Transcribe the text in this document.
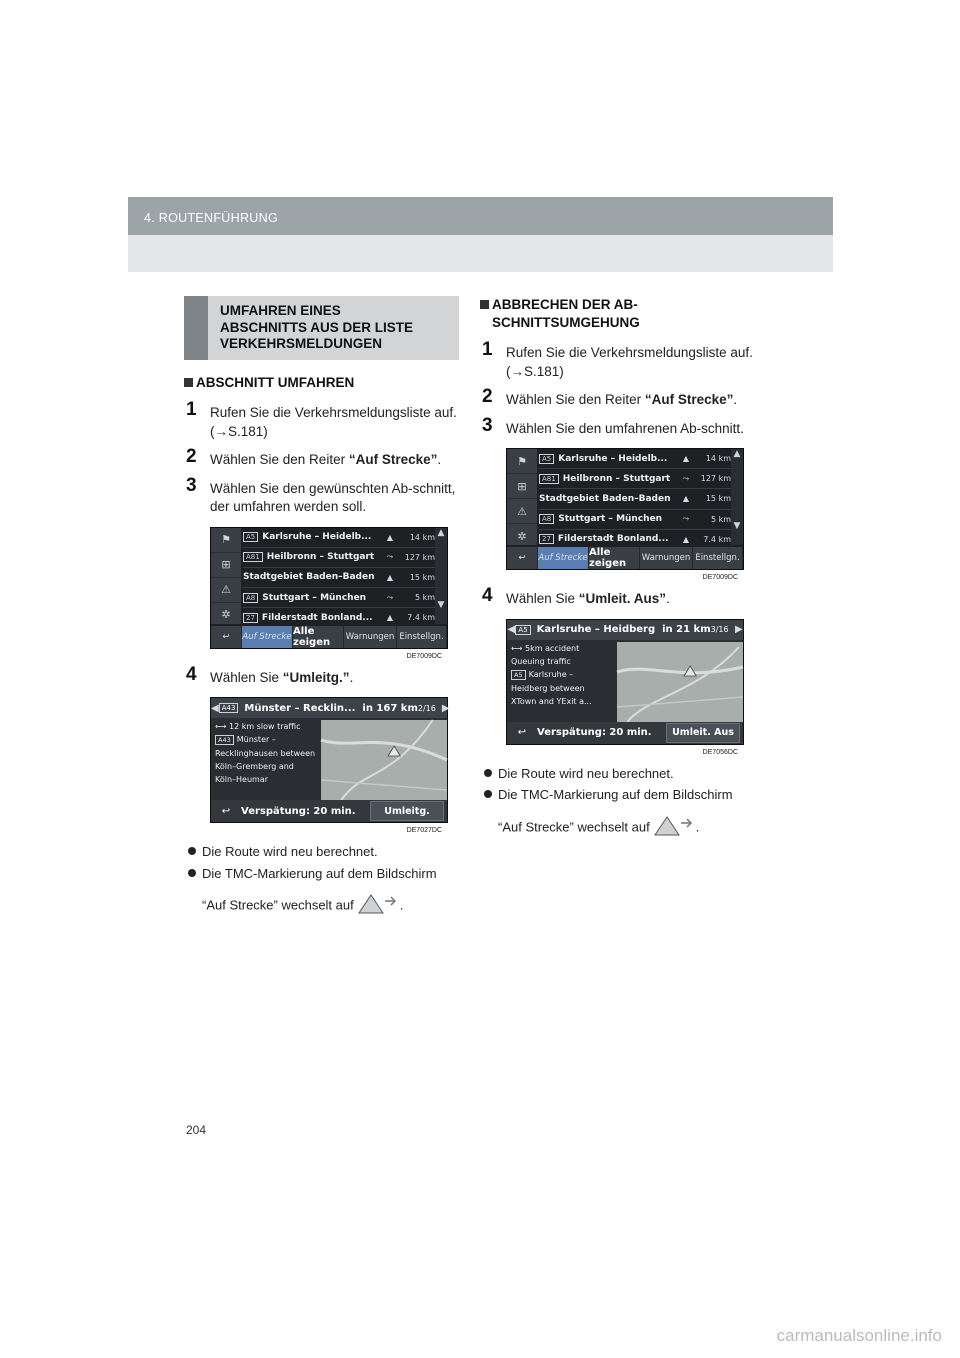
4. ROUTENFÜHRUNG
UMFAHREN EINES
ABSCHNITTS AUS DER LISTE
VERKEHRSMELDUNGEN
ABSCHNITT UMFAHREN
1 Rufen Sie die Verkehrsmeldungsliste auf. (→S.181)
2 Wählen Sie den Reiter “Auf Strecke”.
3 Wählen Sie den gewünschten Ab-schnitt, der umfahren werden soll.
⚑
⊞
⚠
✲
A5 Karlsruhe – Heidelb...	▲	14 km
A81 Heilbronn – Stuttgart	⤳	127 km
Stadtgebiet Baden–Baden	▲	15 km
A8 Stuttgart – München	⤳	5 km
27 Filderstadt Bonland...	▲	7.4 km
▲
▼
↩	Auf Strecke Alle zeigen	Warnungen Einstellgn.
DE7009DC
4 Wählen Sie “Umleitg.”.
◀ A43 Münster – Recklin... in 167 km 2/16 ▶
⟷ 12 km slow traffic
A43 Münster –
Recklinghausen between
Köln–Gremberg and
Köln–Heumar
↩	Verspätung: 20 min.	Umleitg.
DE7027DC
Die Route wird neu berechnet.
Die TMC-Markierung auf dem Bildschirm
“Auf Strecke” wechselt auf	.
ABBRECHEN DER AB-
SCHNITTSUMGEHUNG
1 Rufen Sie die Verkehrsmeldungsliste auf. (→S.181)
2 Wählen Sie den Reiter “Auf Strecke”.
3 Wählen Sie den umfahrenen Ab-schnitt.
⚑
⊞
⚠
✲
A5 Karlsruhe – Heidelb...	▲	14 km
A81 Heilbronn – Stuttgart	⤳	127 km
Stadtgebiet Baden–Baden	▲	15 km
A8 Stuttgart – München	⤳	5 km
27 Filderstadt Bonland...	▲	7.4 km
▲
▼
↩	Auf Strecke Alle zeigen	Warnungen Einstellgn.
DE7009DC
4 Wählen Sie “Umleit. Aus”.
◀ A5 Karlsruhe – Heidberg in 21 km 3/16 ▶
⟷ 5km accident
Queuing traffic
A5 Karlsruhe –
Heidberg between
XTown and YExit a...
↩	Verspätung: 20 min.	Umleit. Aus
DE7056DC
Die Route wird neu berechnet.
Die TMC-Markierung auf dem Bildschirm
“Auf Strecke” wechselt auf	.
204
carmanualsonline.info
